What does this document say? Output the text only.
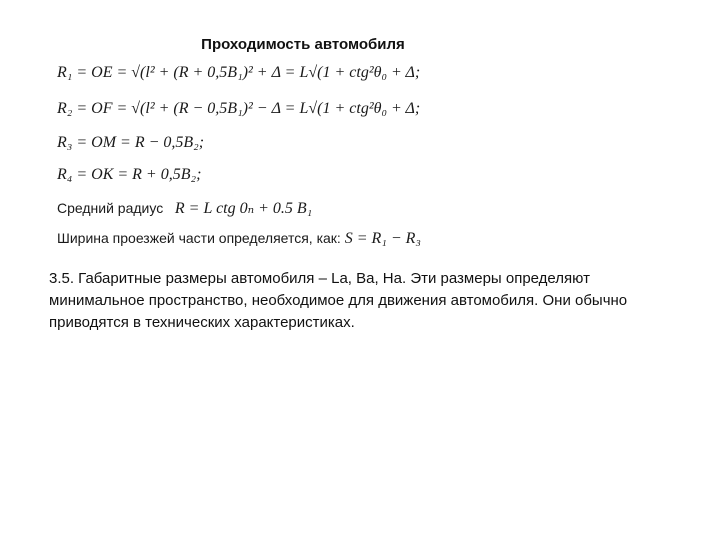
Проходимость автомобиля
R₁ = OE = √(l² + (R + 0,5B₁)² + Δ = L√(1 + ctg²θ₀ + Δ;
R₂ = OF = √(l² + (R − 0,5B₁)² − Δ = L√(1 + ctg²θ₀ + Δ;
R₃ = OM = R − 0,5B₂;
R₄ = OK = R + 0,5B₂;
Средний радиус R = L ctg 0ₙ + 0.5 B₁
Ширина проезжей части определяется, как: S = R₁ − R₃
3.5. Габаритные размеры автомобиля – La, Ba, Ha. Эти размеры определяют минимальное пространство, необходимое для движения автомобиля. Они обычно приводятся в технических характеристиках.
